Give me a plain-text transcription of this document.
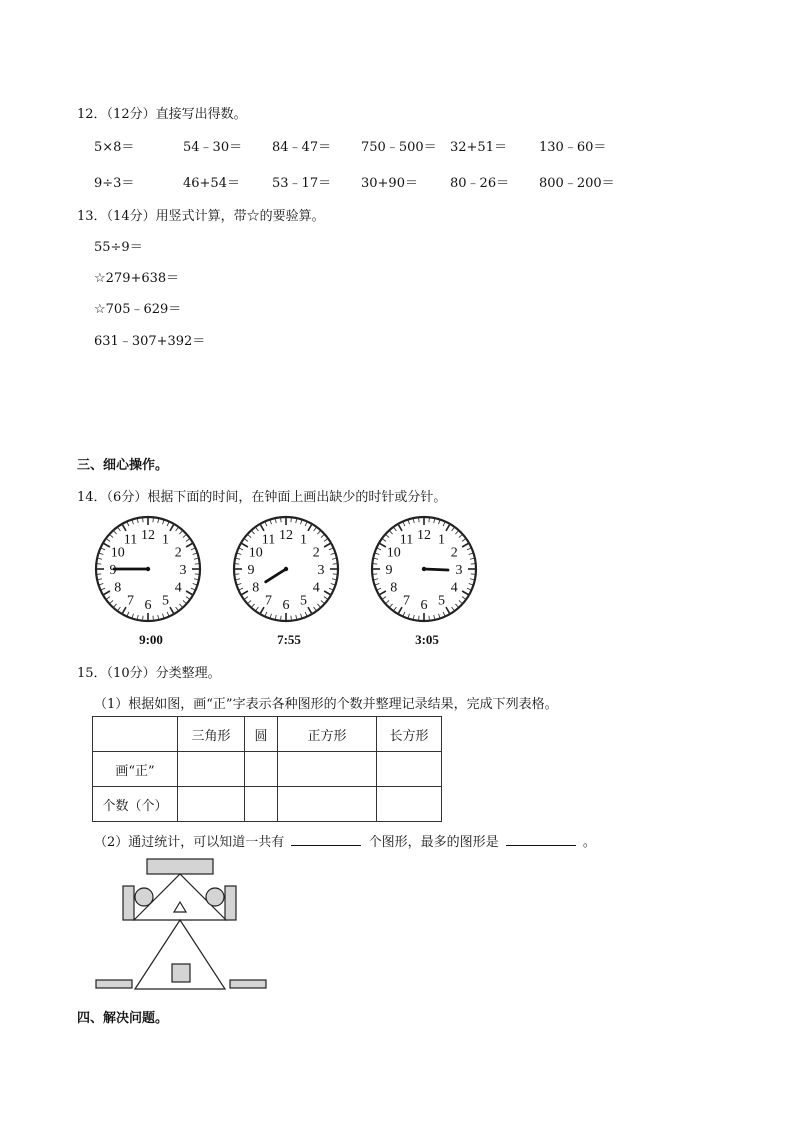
12．（12分）直接写出得数。
5×8＝	54﹣30＝ 84﹣47＝ 750﹣500＝ 32+51＝ 130﹣60＝
9÷3＝	46+54＝ 53﹣17＝ 30+90＝ 80﹣26＝ 800﹣200＝
13．（14分）用竖式计算，带☆的要验算。
55÷9＝
☆279+638＝
☆705﹣629＝
631﹣307+392＝
三、细心操作。
14．（6分）根据下面的时间，在钟面上画出缺少的时针或分针。
12 1
2
3
4
5
6
7
8
9
10
11	12 1
2
3
4
5
6
7
8
9
10
11	12 1
2
3
4
5
6
7
8
9
10
11
9:00	7:55	3:05
15．（10分）分类整理。
（1）根据如图，画“正”字表示各种图形的个数并整理记录结果，完成下列表格。
	三角形	圆	正方形	长方形
画“正”				
个数（个）				
（2）通过统计，可以知道一共有	个图形，最多的图形是	。
四、解决问题。
